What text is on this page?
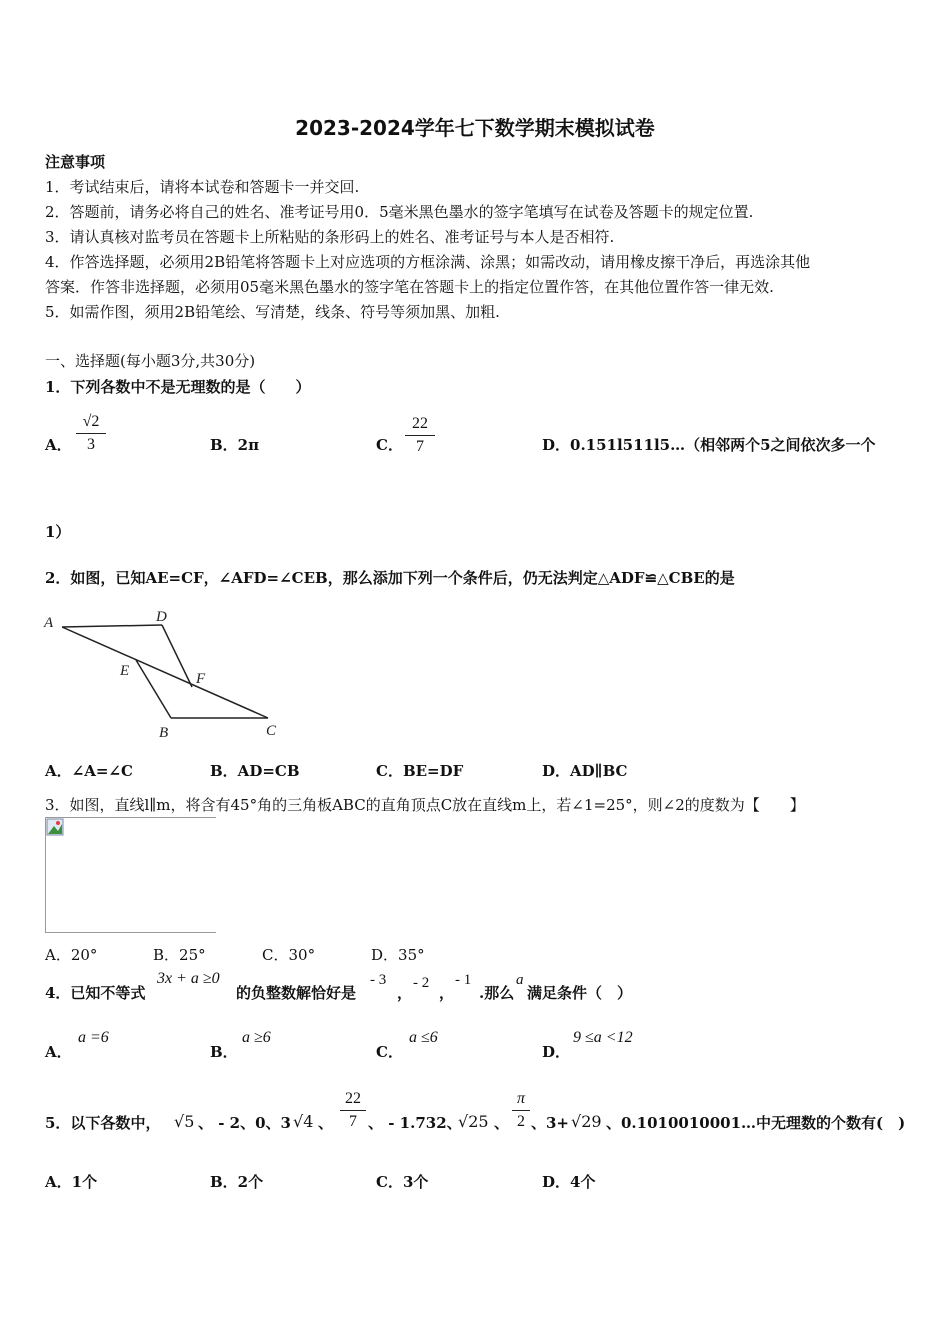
2023-2024学年七下数学期末模拟试卷
注意事项
1．考试结束后，请将本试卷和答题卡一并交回.
2．答题前，请务必将自己的姓名、准考证号用0．5毫米黑色墨水的签字笔填写在试卷及答题卡的规定位置.
3．请认真核对监考员在答题卡上所粘贴的条形码上的姓名、准考证号与本人是否相符.
4．作答选择题，必须用2B铅笔将答题卡上对应选项的方框涂满、涂黑；如需改动，请用橡皮擦干净后，再选涂其他
答案．作答非选择题，必须用05毫米黑色墨水的签字笔在答题卡上的指定位置作答，在其他位置作答一律无效.
5．如需作图，须用2B铅笔绘、写清楚，线条、符号等须加黑、加粗.
一、选择题(每小题3分,共30分)
1．下列各数中不是无理数的是（　　）
A．
√2
3	B．2π	C．
22
7	D．0.151l511l5…（相邻两个5之间依次多一个
1）
2．如图，已知AE=CF，∠AFD=∠CEB，那么添加下列一个条件后，仍无法判定△ADF≌△CBE的是
A	D
E	F
B	C
A．∠A=∠C	B．AD=CB	C．BE=DF	D．AD∥BC
3．如图，直线l∥m，将含有45°角的三角板ABC的直角顶点C放在直线m上，若∠1=25°，则∠2的度数为【　　】
A．20°	B．25°	C．30°	D．35°
4．已知不等式
3x + a ≥0
的负整数解恰好是
- 3
，
- 2
，
- 1
.那么
a
满足条件（　）
A．
a =6
B．
a ≥6
C．
a ≤6
D．
9 ≤a <12
5．以下各数中， √5 、 - 2、0、3 √4 、
22
7 、 - 1.732、
√25 、
π
2 、3+ √29 、0.1010010001…中无理数的个数有(　)
A．1个	B．2个	C．3个	D．4个
